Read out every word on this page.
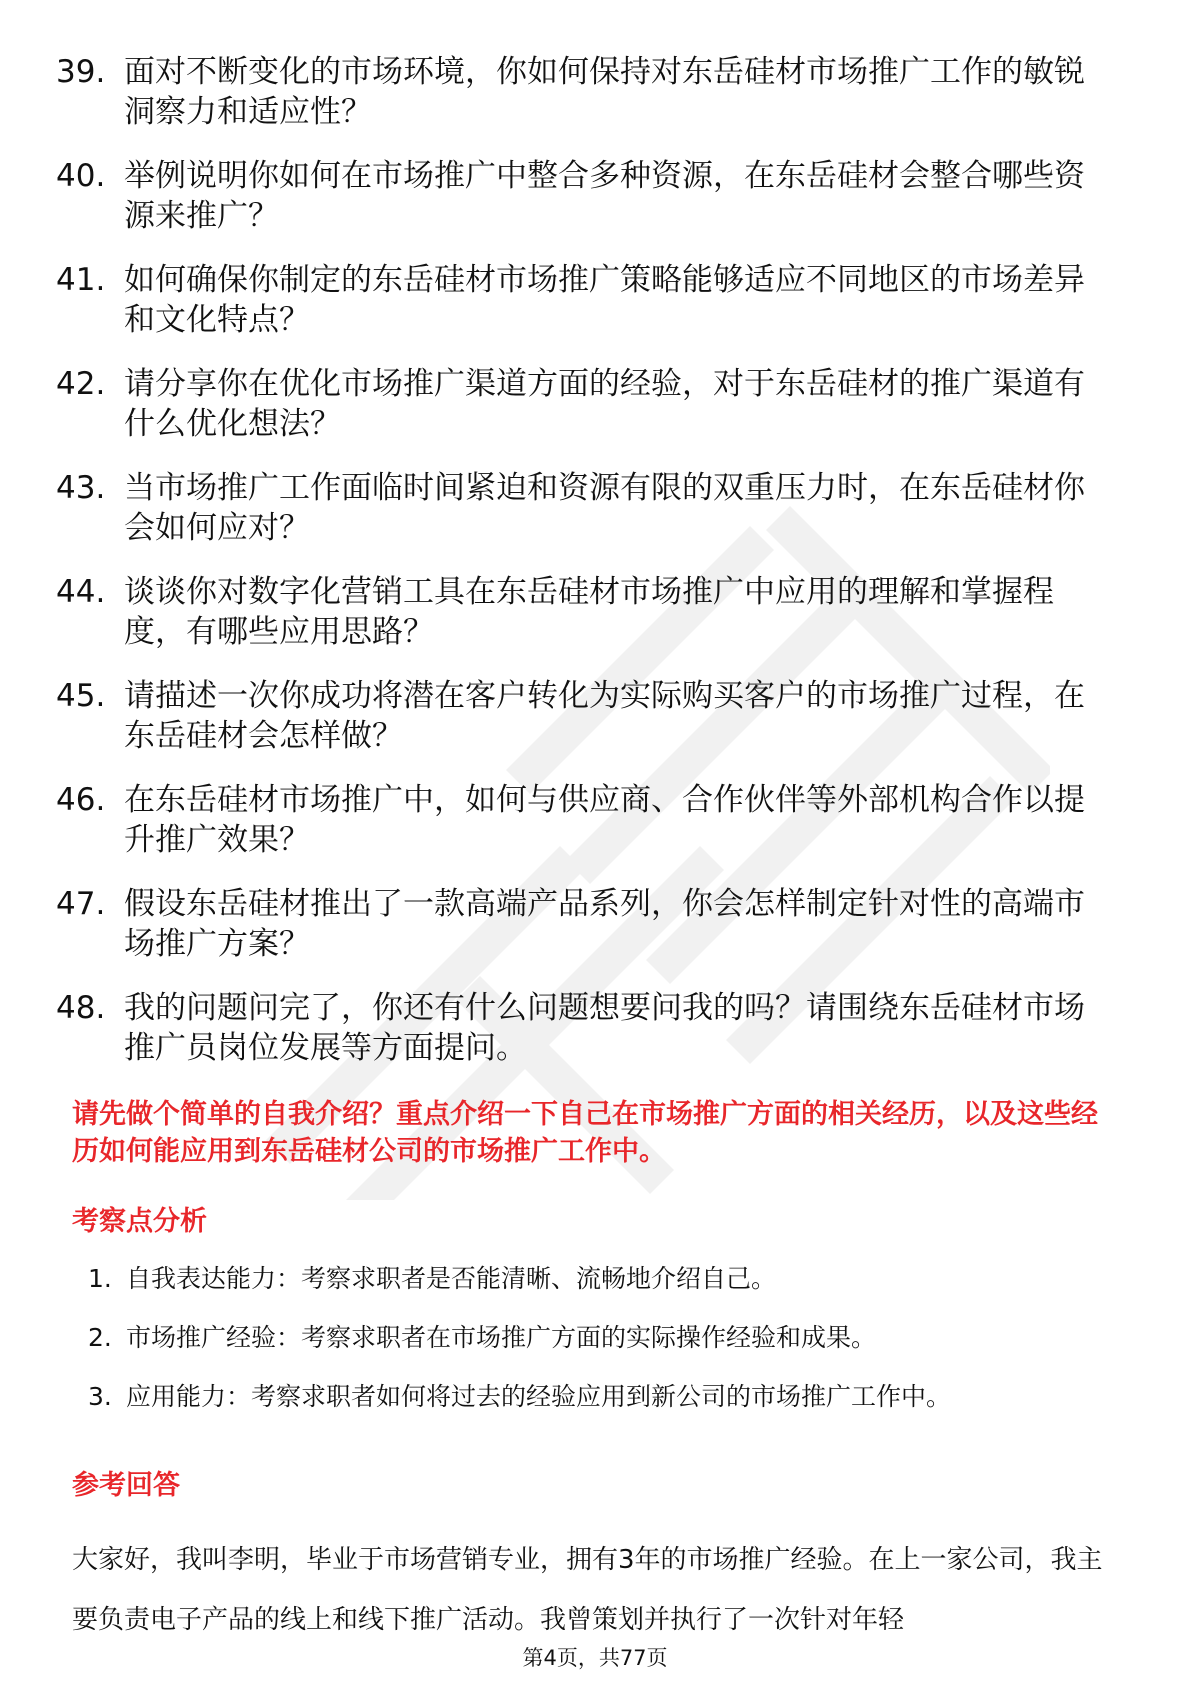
39. 面对不断变化的市场环境，你如何保持对东岳硅材市场推广工作的敏锐洞察力和适应性？
40. 举例说明你如何在市场推广中整合多种资源，在东岳硅材会整合哪些资源来推广？
41. 如何确保你制定的东岳硅材市场推广策略能够适应不同地区的市场差异和文化特点？
42. 请分享你在优化市场推广渠道方面的经验，对于东岳硅材的推广渠道有什么优化想法？
43. 当市场推广工作面临时间紧迫和资源有限的双重压力时，在东岳硅材你会如何应对？
44. 谈谈你对数字化营销工具在东岳硅材市场推广中应用的理解和掌握程度，有哪些应用思路？
45. 请描述一次你成功将潜在客户转化为实际购买客户的市场推广过程，在东岳硅材会怎样做？
46. 在东岳硅材市场推广中，如何与供应商、合作伙伴等外部机构合作以提升推广效果？
47. 假设东岳硅材推出了一款高端产品系列，你会怎样制定针对性的高端市场推广方案？
48. 我的问题问完了，你还有什么问题想要问我的吗？请围绕东岳硅材市场推广员岗位发展等方面提问。

请先做个简单的自我介绍？重点介绍一下自己在市场推广方面的相关经历，以及这些经历如何能应用到东岳硅材公司的市场推广工作中。

考察点分析
1. 自我表达能力：考察求职者是否能清晰、流畅地介绍自己。
2. 市场推广经验：考察求职者在市场推广方面的实际操作经验和成果。
3. 应用能力：考察求职者如何将过去的经验应用到新公司的市场推广工作中。
参考回答

大家好，我叫李明，毕业于市场营销专业，拥有3年的市场推广经验。在上一家公司，我主要负责电子产品的线上和线下推广活动。我曾策划并执行了一次针对年轻

第4页，共77页
